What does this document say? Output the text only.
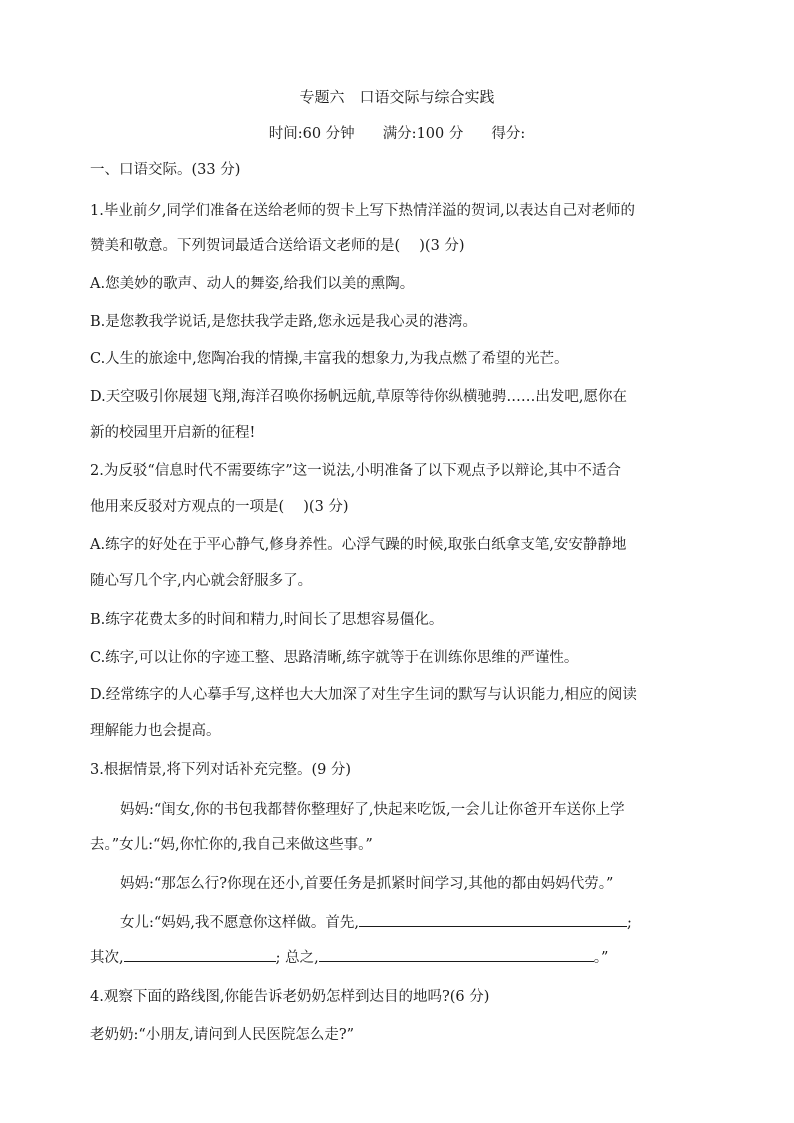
专题六　口语交际与综合实践
时间:60 分钟 满分:100 分 得分:
一、口语交际。(33 分)
1.毕业前夕,同学们准备在送给老师的贺卡上写下热情洋溢的贺词,以表达自己对老师的
赞美和敬意。下列贺词最适合送给语文老师的是(　 )(3 分)
A.您美妙的歌声、动人的舞姿,给我们以美的熏陶。
B.是您教我学说话,是您扶我学走路,您永远是我心灵的港湾。
C.人生的旅途中,您陶冶我的情操,丰富我的想象力,为我点燃了希望的光芒。
D.天空吸引你展翅飞翔,海洋召唤你扬帆远航,草原等待你纵横驰骋……出发吧,愿你在
新的校园里开启新的征程!
2.为反驳“信息时代不需要练字”这一说法,小明准备了以下观点予以辩论,其中不适合
他用来反驳对方观点的一项是(　 )(3 分)
A.练字的好处在于平心静气,修身养性。心浮气躁的时候,取张白纸拿支笔,安安静静地
随心写几个字,内心就会舒服多了。
B.练字花费太多的时间和精力,时间长了思想容易僵化。
C.练字,可以让你的字迹工整、思路清晰,练字就等于在训练你思维的严谨性。
D.经常练字的人心摹手写,这样也大大加深了对生字生词的默写与认识能力,相应的阅读
理解能力也会提高。
3.根据情景,将下列对话补充完整。(9 分)
妈妈:“闺女,你的书包我都替你整理好了,快起来吃饭,一会儿让你爸开车送你上学
去。”女儿:“妈,你忙你的,我自己来做这些事。”
妈妈:“那怎么行?你现在还小,首要任务是抓紧时间学习,其他的都由妈妈代劳。”
女儿:“妈妈,我不愿意你这样做。首先,	;
其次,	; 总之,	。”
4.观察下面的路线图,你能告诉老奶奶怎样到达目的地吗?(6 分)
老奶奶:“小朋友,请问到人民医院怎么走?”
